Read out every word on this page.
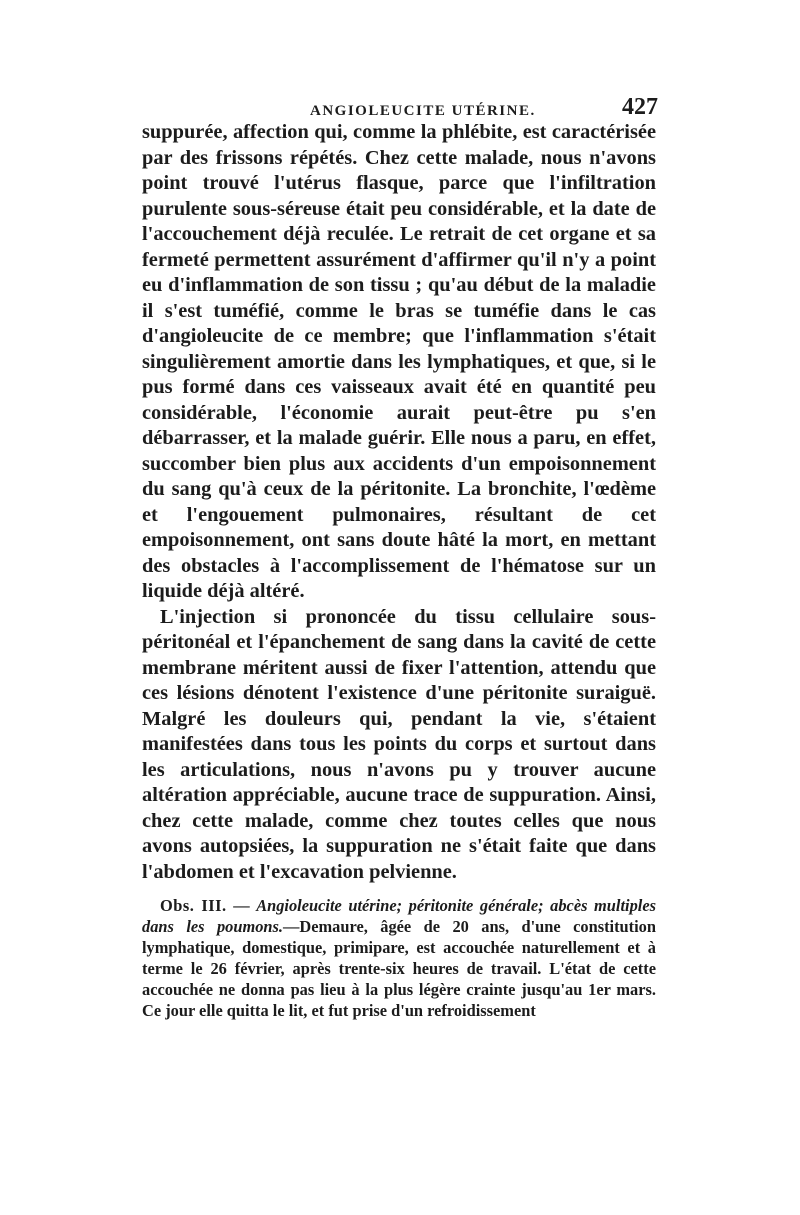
ANGIOLEUCITE UTÉRINE.	427

suppurée, affection qui, comme la phlébite, est caractérisée par des frissons répétés. Chez cette malade, nous n'avons point trouvé l'utérus flasque, parce que l'infiltration purulente sous-séreuse était peu considérable, et la date de l'accouchement déjà reculée. Le retrait de cet organe et sa fermeté permettent assurément d'affirmer qu'il n'y a point eu d'inflammation de son tissu ; qu'au début de la maladie il s'est tuméfié, comme le bras se tuméfie dans le cas d'angioleucite de ce membre; que l'inflammation s'était singulièrement amortie dans les lymphatiques, et que, si le pus formé dans ces vaisseaux avait été en quantité peu considérable, l'économie aurait peut-être pu s'en débarrasser, et la malade guérir. Elle nous a paru, en effet, succomber bien plus aux accidents d'un empoisonnement du sang qu'à ceux de la péritonite. La bronchite, l'œdème et l'engouement pulmonaires, résultant de cet empoisonnement, ont sans doute hâté la mort, en mettant des obstacles à l'accomplissement de l'hématose sur un liquide déjà altéré.

L'injection si prononcée du tissu cellulaire sous-péritonéal et l'épanchement de sang dans la cavité de cette membrane méritent aussi de fixer l'attention, attendu que ces lésions dénotent l'existence d'une péritonite suraiguë. Malgré les douleurs qui, pendant la vie, s'étaient manifestées dans tous les points du corps et surtout dans les articulations, nous n'avons pu y trouver aucune altération appréciable, aucune trace de suppuration. Ainsi, chez cette malade, comme chez toutes celles que nous avons autopsiées, la suppuration ne s'était faite que dans l'abdomen et l'excavation pelvienne.

Obs. III. — Angioleucite utérine; péritonite générale; abcès multiples dans les poumons.—Demaure, âgée de 20 ans, d'une constitution lymphatique, domestique, primipare, est accouchée naturellement et à terme le 26 février, après trente-six heures de travail. L'état de cette accouchée ne donna pas lieu à la plus légère crainte jusqu'au 1er mars. Ce jour elle quitta le lit, et fut prise d'un refroidissement
